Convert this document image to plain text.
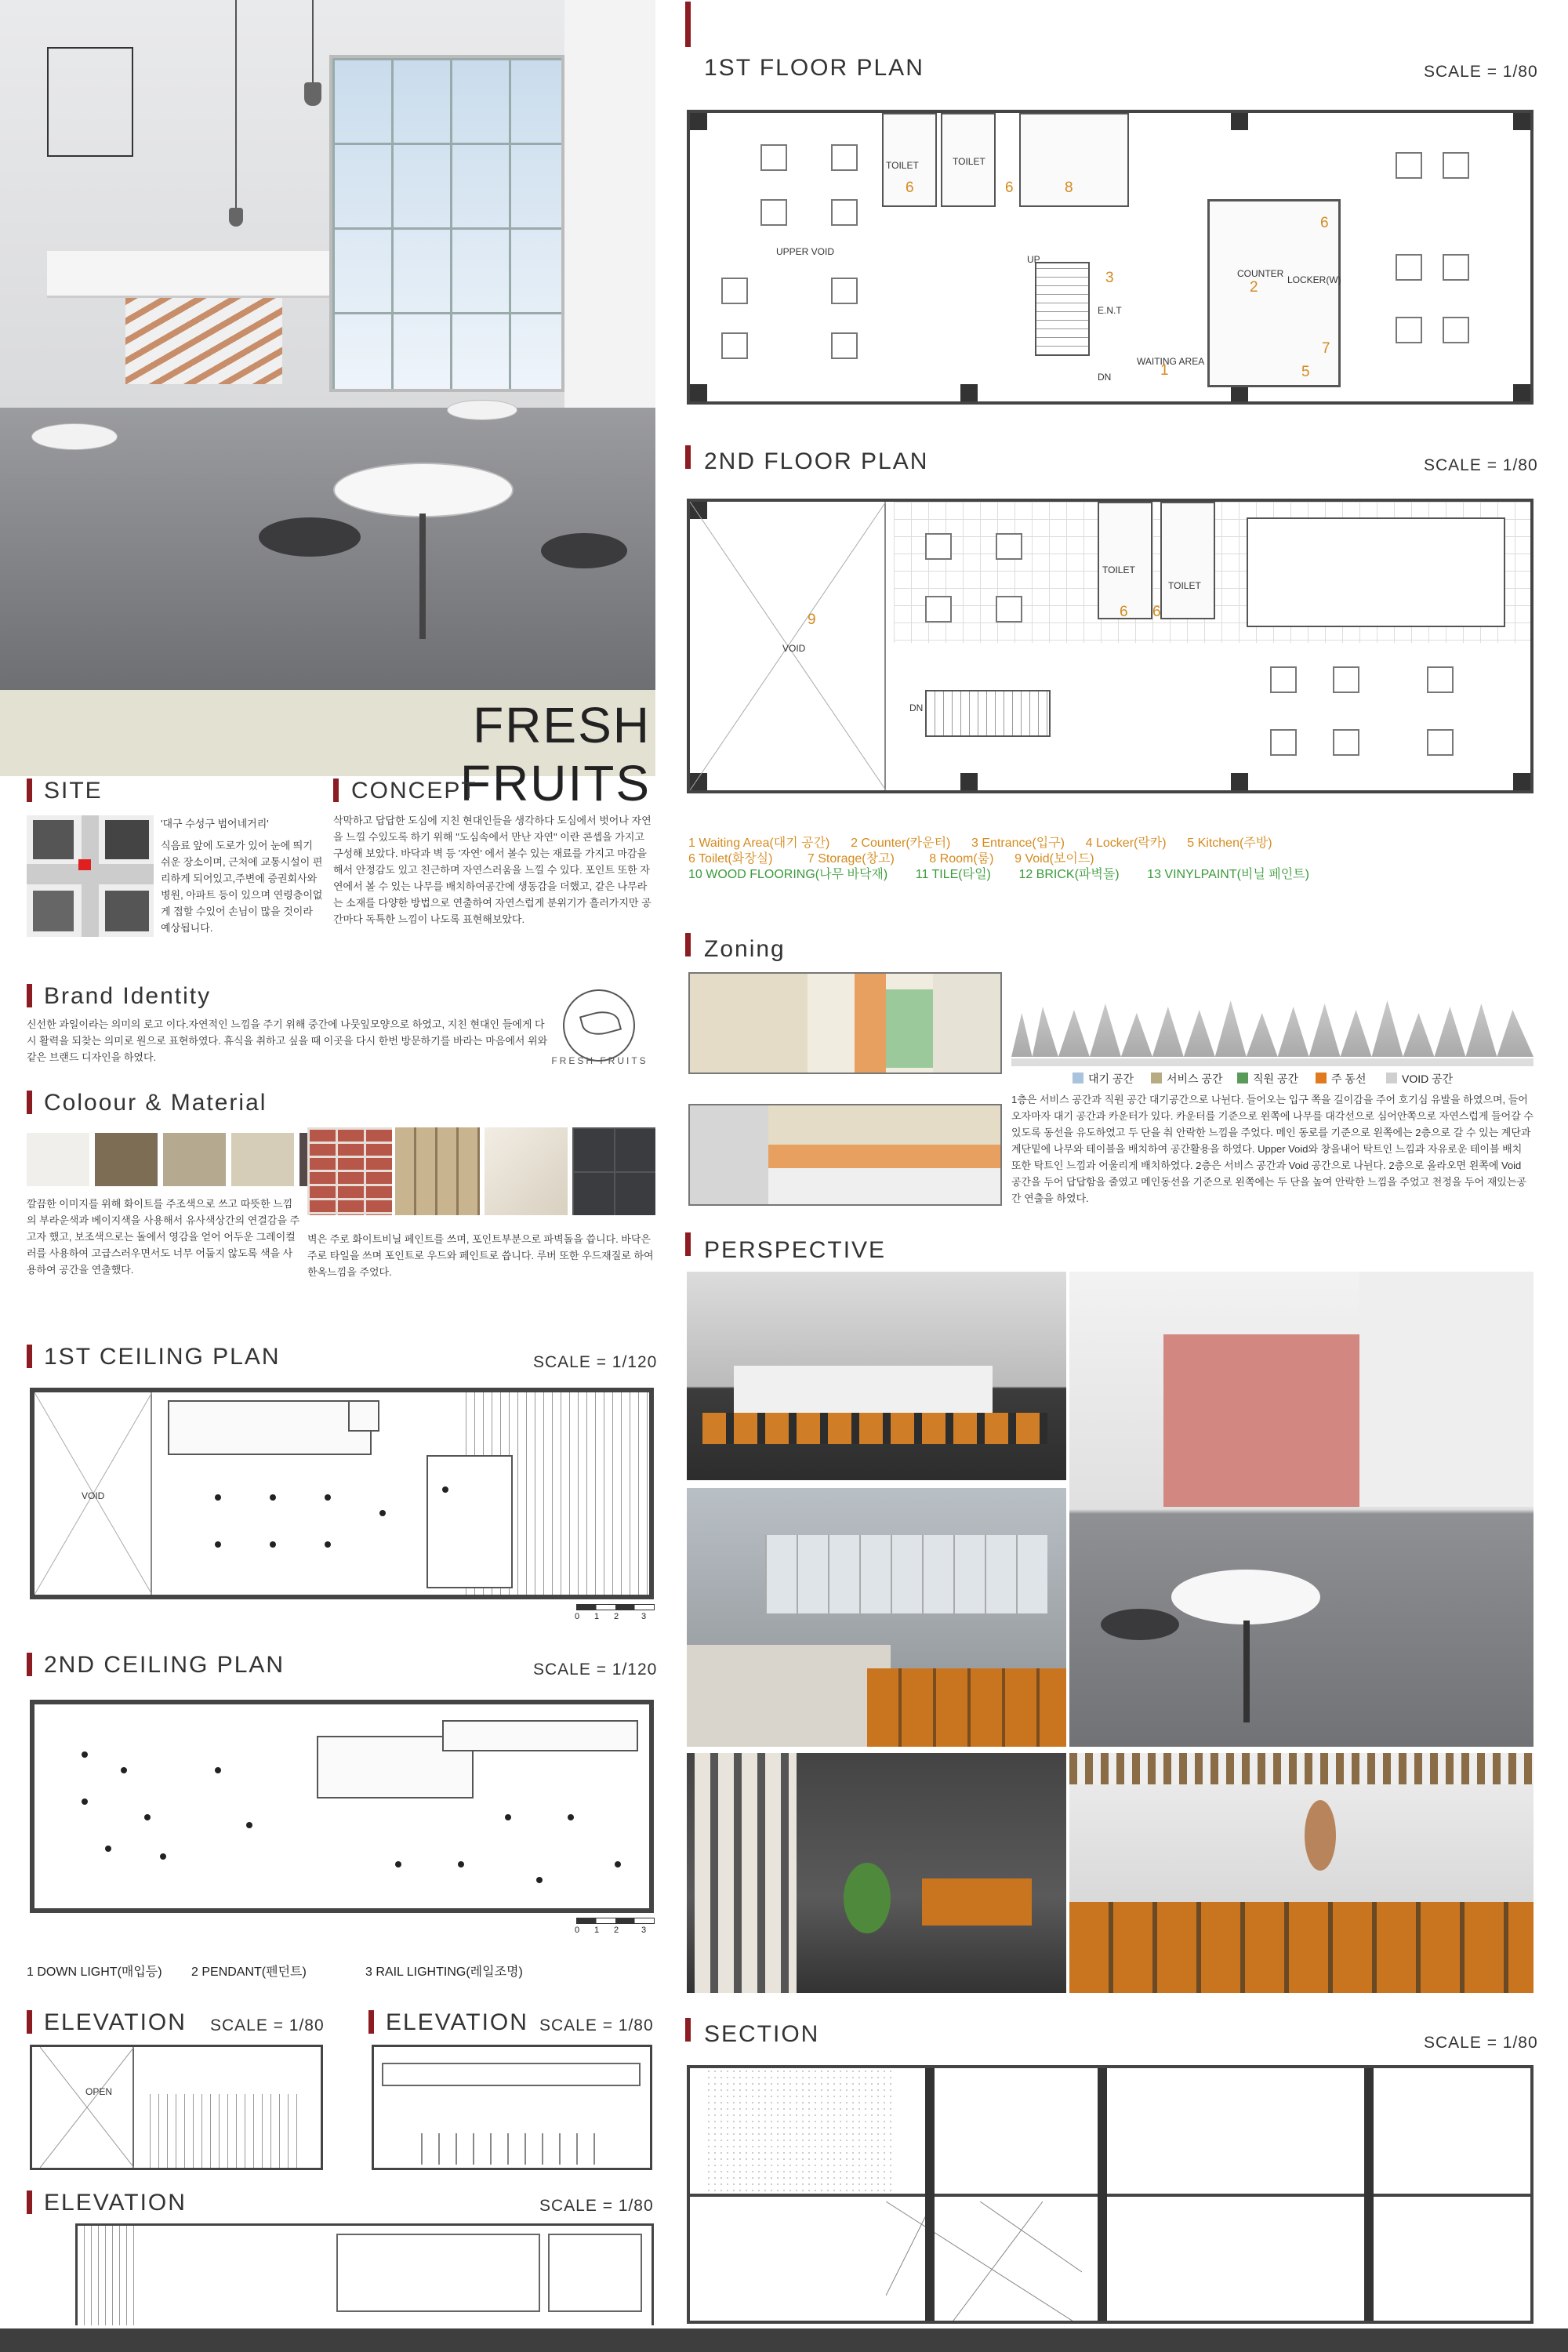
FRESH FRUITS
SITE
'대구 수성구 범어네거리'
식음료 앞에 도로가 있어 눈에 띄기 쉬운 장소이며, 근처에 교통시설이 편리하게 되어있고,주변에 증권회사와 병원, 아파트 등이 있으며 연령층이없게 접할 수있어 손님이 많을 것이라 예상됩니다.
CONCEPT
삭막하고 답답한 도심에 지친 현대인들을 생각하다 도심에서 벗어나 자연을 느낄 수있도록 하기 위해 "도심속에서 만난 자연" 이란 콘셉을 가지고 구성해 보았다. 바닥과 벽 등 '자연' 에서 볼수 있는 재료를 가지고 마감을 해서 안정감도 있고 친근하며 자연스러움을 느낄 수 있다. 포인트 또한 자연에서 볼 수 있는 나무를 배치하여공간에 생동감을 더했고, 같은 나무라는 소재를 다양한 방법으로 연출하여 자연스럽게 분위기가 흘러가지만 공간마다 독특한 느낌이 나도록 표현해보았다.
Brand Identity
신선한 과일이라는 의미의 로고 이다.자연적인 느낌을 주기 위해 중간에 나뭇잎모양으로 하였고, 지친 현대인 들에게 다시 활력을 되찾는 의미로 원으로 표현하였다. 휴식을 취하고 싶을 때 이곳을 다시 한번 방문하기를 바라는 마음에서 위와 같은 브랜드 디자인을 하였다.	FRESH FRUITS
Coloour & Material
깔끔한 이미지를 위해 화이트를 주조색으로 쓰고 따뜻한 느낌의 부라운색과 베이지색을 사용해서 유사색상간의 연결감을 주고자 했고, 보조색으로는 돌에서 영감을 얻어 어두운 그레이컬러를 사용하여 고급스러우면서도 너무 어둡지 않도록 색을 사용하여 공간을 연출했다.
벽은 주로 화이트비닐 페인트를 쓰며, 포인트부분으로 파벽돌을 씁니다. 바닥은 주로 타일을 쓰며 포인트로 우드와 페인트로 씁니다. 루버 또한 우드재질로 하여 한옥느낌을 주었다.
1ST CEILING PLAN	SCALE = 1/120
VOID
0 1 2	3
2ND CEILING PLAN	SCALE = 1/120
0 1 2	3
1 DOWN LIGHT(매입등) 2 PENDANT(펜던트)	3 RAIL LIGHTING(레일조명)
ELEVATION SCALE = 1/80
OPEN
ELEVATION SCALE = 1/80
ELEVATION	SCALE = 1/80
1ST FLOOR PLAN	SCALE = 1/80
UPPER VOID
TOILET	TOILET
6	6	8
UP
E.N.T
WAITING AREA
1
3
DN
COUNTER
2	LOCKER(W)
6
7
5
2ND FLOOR PLAN	SCALE = 1/80
VOID
9
TOILET
TOILET
6 6
DN
1 Waiting Area(대기 공간) 2 Counter(카운터) 3 Entrance(입구) 4 Locker(락카) 5 Kitchen(주방)
6 Toilet(화장실)	7 Storage(창고)	8 Room(룸) 9 Void(보이드)
10 WOOD FLOORING(나무 바닥재) 11 TILE(타일) 12 BRICK(파벽돌) 13 VINYLPAINT(비닐 페인트)
Zoning
대기 공간	서비스 공간	직원 공간	주 동선	VOID 공간
1층은 서비스 공간과 직원 공간 대기공간으로 나뉜다. 들어오는 입구 쪽을 길이감을 주어 호기심 유발을 하였으며, 들어오자마자 대기 공간과 카운터가 있다. 카운터를 기준으로 왼쪽에 나무를 대각선으로 심어안쪽으로 자연스럽게 들어갈 수 있도록 동선을 유도하였고 두 단을 춰 안락한 느낌을 주었다. 메인 동로를 기준으로 왼쪽에는 2층으로 갈 수 있는 계단과 계단밑에 나무와 테이블을 배치하여 공간활용을 하였다. Upper Void와 창을내어 탁트인 느낌과 자유로운 테이블 배치 또한 탁트인 느낌과 어울리게 배치하였다. 2층은 서비스 공간과 Void 공간으로 나뉜다. 2층으로 올라오면 왼쪽에 Void 공간을 두어 답답함을 줄였고 메인동선을 기준으로 왼쪽에는 두 단을 높여 안락한 느낌을 주었고 천정을 두어 재있는공간 연출을 하였다.
PERSPECTIVE
SECTION	SCALE = 1/80
